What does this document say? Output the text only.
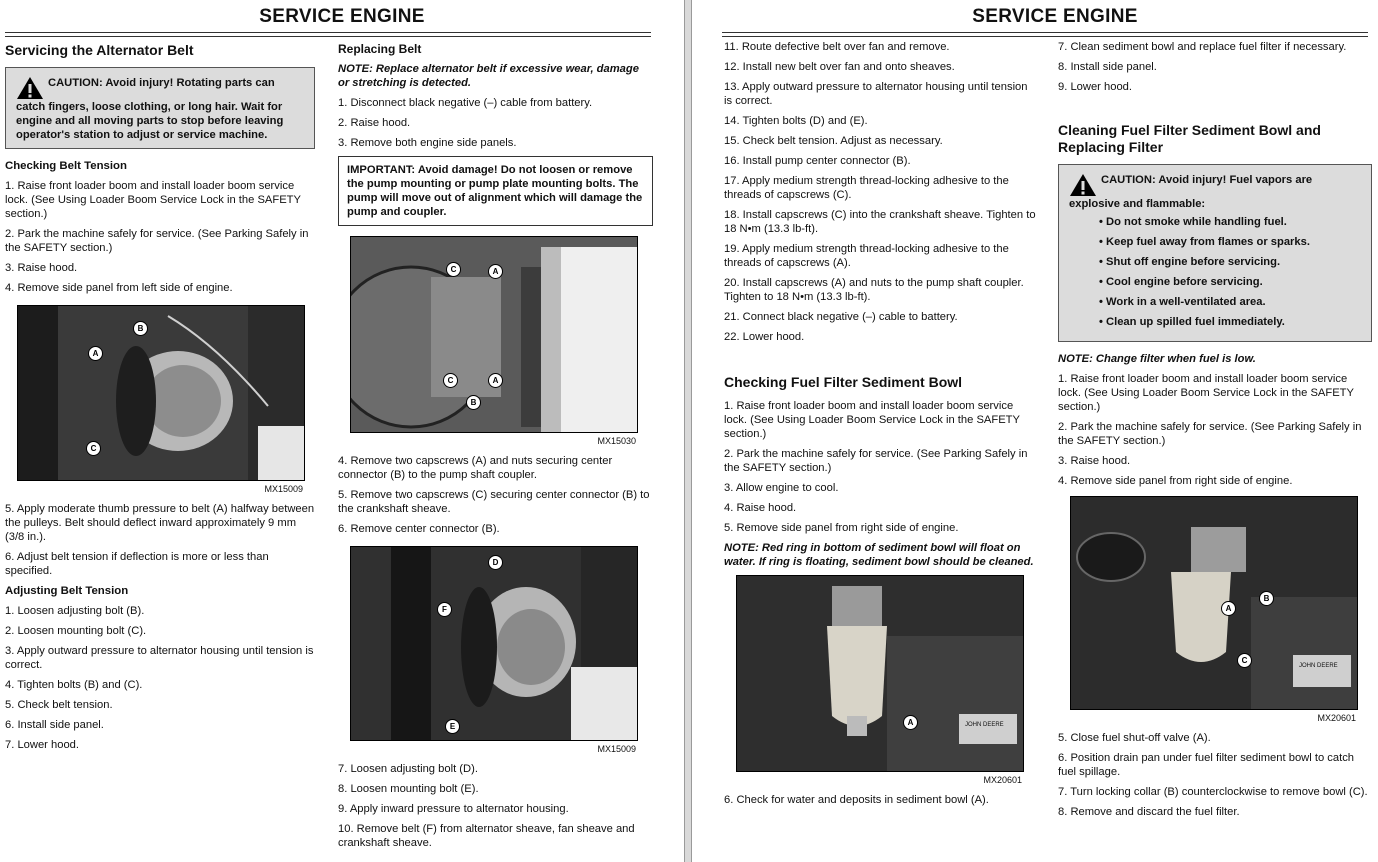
SERVICE ENGINE
Servicing the Alternator Belt
CAUTION: Avoid injury! Rotating parts can catch fingers, loose clothing, or long hair. Wait for engine and all moving parts to stop before leaving operator's station to adjust or service machine.
Checking Belt Tension

1. Raise front loader boom and install loader boom service lock. (See Using Loader Boom Service Lock in the SAFETY section.)

2. Park the machine safely for service. (See Parking Safely in the SAFETY section.)

3. Raise hood.

4. Remove side panel from left side of engine.

A
B
C
MX15009

5. Apply moderate thumb pressure to belt (A) halfway between the pulleys. Belt should deflect inward approximately 9 mm (3/8 in.).

6. Adjust belt tension if deflection is more or less than specified.

Adjusting Belt Tension

1. Loosen adjusting bolt (B).

2. Loosen mounting bolt (C).

3. Apply outward pressure to alternator housing until tension is correct.

4. Tighten bolts (B) and (C).

5. Check belt tension.

6. Install side panel.

7. Lower hood.

Replacing Belt

NOTE: Replace alternator belt if excessive wear, damage or stretching is detected.

1. Disconnect black negative (–) cable from battery.

2. Raise hood.

3. Remove both engine side panels.

IMPORTANT: Avoid damage! Do not loosen or remove the pump mounting or pump plate mounting bolts. The pump will move out of alignment which will damage the pump and coupler.
C	A
C	A
B
MX15030

4. Remove two capscrews (A) and nuts securing center connector (B) to the pump shaft coupler.

5. Remove two capscrews (C) securing center connector (B) to the crankshaft sheave.

6. Remove center connector (B).

D
F
E
MX15009

7. Loosen adjusting bolt (D).

8. Loosen mounting bolt (E).

9. Apply inward pressure to alternator housing.

10. Remove belt (F) from alternator sheave, fan sheave and crankshaft sheave.

SERVICE ENGINE

11. Route defective belt over fan and remove.

12. Install new belt over fan and onto sheaves.

13. Apply outward pressure to alternator housing until tension is correct.

14. Tighten bolts (D) and (E).

15. Check belt tension. Adjust as necessary.

16. Install pump center connector (B).

17. Apply medium strength thread-locking adhesive to the threads of capscrews (C).

18. Install capscrews (C) into the crankshaft sheave. Tighten to 18 N•m (13.3 lb-ft).

19. Apply medium strength thread-locking adhesive to the threads of capscrews (A).

20. Install capscrews (A) and nuts to the pump shaft coupler. Tighten to 18 N•m (13.3 lb-ft).

21. Connect black negative (–) cable to battery.

22. Lower hood.

Checking Fuel Filter Sediment Bowl

1. Raise front loader boom and install loader boom service lock. (See Using Loader Boom Service Lock in the SAFETY section.)

2. Park the machine safely for service. (See Parking Safely in the SAFETY section.)

3. Allow engine to cool.

4. Raise hood.

5. Remove side panel from right side of engine.

NOTE: Red ring in bottom of sediment bowl will float on water. If ring is floating, sediment bowl should be cleaned.

A	JOHN DEERE
MX20601

6. Check for water and deposits in sediment bowl (A).

7. Clean sediment bowl and replace fuel filter if necessary.

8. Install side panel.

9. Lower hood.

Cleaning Fuel Filter Sediment Bowl and Replacing Filter
CAUTION: Avoid injury! Fuel vapors are explosive and flammable:
• Do not smoke while handling fuel.
• Keep fuel away from flames or sparks.
• Shut off engine before servicing.
• Cool engine before servicing.
• Work in a well-ventilated area.
• Clean up spilled fuel immediately.

NOTE: Change filter when fuel is low.

1. Raise front loader boom and install loader boom service lock. (See Using Loader Boom Service Lock in the SAFETY section.)

2. Park the machine safely for service. (See Parking Safely in the SAFETY section.)

3. Raise hood.

4. Remove side panel from right side of engine.

B
A
C
JOHN DEERE
MX20601

5. Close fuel shut-off valve (A).

6. Position drain pan under fuel filter sediment bowl to catch fuel spillage.

7. Turn locking collar (B) counterclockwise to remove bowl (C).

8. Remove and discard the fuel filter.
